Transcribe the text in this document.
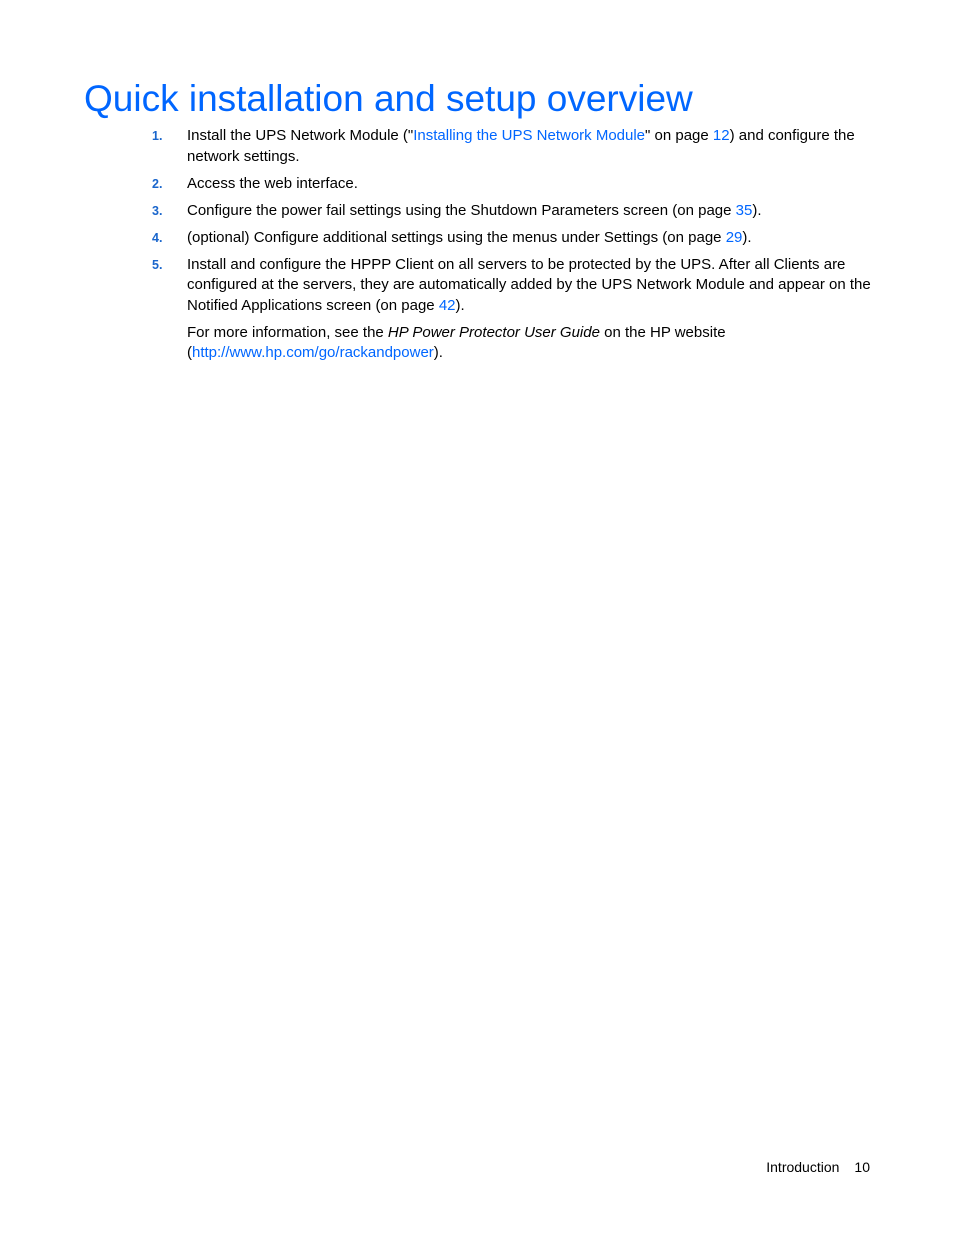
Quick installation and setup overview
1. Install the UPS Network Module ("Installing the UPS Network Module" on page 12) and configure the network settings.
2. Access the web interface.
3. Configure the power fail settings using the Shutdown Parameters screen (on page 35).
4. (optional) Configure additional settings using the menus under Settings (on page 29).
5. Install and configure the HPPP Client on all servers to be protected by the UPS. After all Clients are configured at the servers, they are automatically added by the UPS Network Module and appear on the Notified Applications screen (on page 42).
For more information, see the HP Power Protector User Guide on the HP website (http://www.hp.com/go/rackandpower).
Introduction 10
